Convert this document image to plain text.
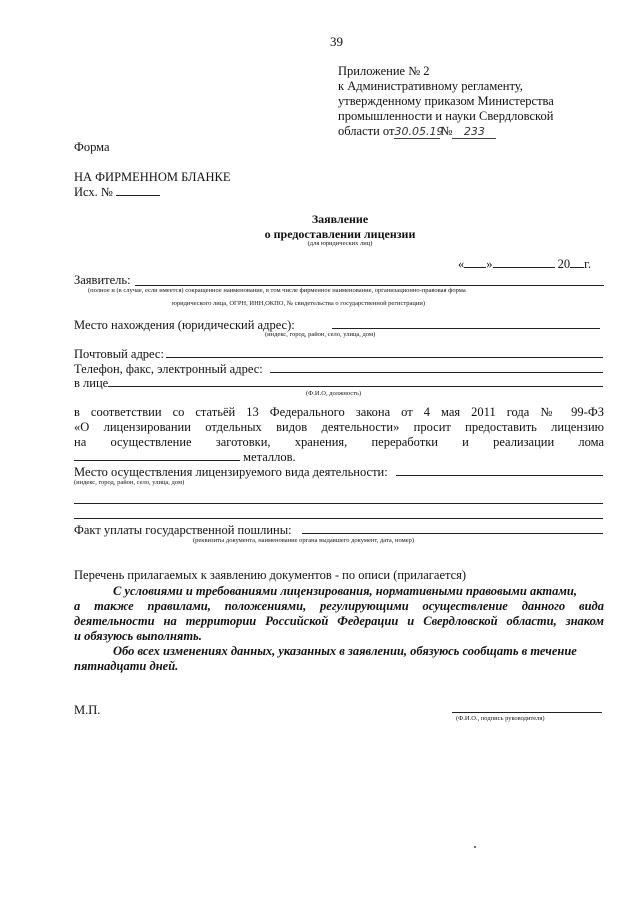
39
Приложение № 2
к Административному регламенту,
утвержденному приказом Министерства
промышленности и науки Свердловской
области от30.05.19№ 233
Форма
НА ФИРМЕННОМ БЛАНКЕ
Исх. №
Заявление
о предоставлении лицензии
(для юридических лиц)
« »	20 г.
Заявитель:
(полное и (в случае, если имеется) сокращенное наименование, в том числе фирменное наименование, организационно-правовая форма
юридического лица, ОГРН, ИНН,ОКПО, № свидетельства о государственной регистрации)
Место нахождения (юридический адрес):
(индекс, город, район, село, улица, дом)
Почтовый адрес:
Телефон, факс, электронный адрес:
в лице
(Ф.И.О, должность)
в соответствии со статьёй 13 Федерального закона от 4 мая 2011 года № 99-ФЗ
«О лицензировании отдельных видов деятельности» просит предоставить лицензию
на осуществление заготовки, хранения, переработки и реализации лома
металлов.
Место осуществления лицензируемого вида деятельности:
(индекс, город, район, село, улица, дом)
Факт уплаты государственной пошлины:
(реквизиты документа, наименование органа выдавшего документ, дата, номер)
Перечень прилагаемых к заявлению документов - по описи (прилагается)
С условиями и требованиями лицензирования, нормативными правовыми актами,
а также правилами, положениями, регулирующими осуществление данного вида
деятельности на территории Российской Федерации и Свердловской области, знаком
и обязуюсь выполнять.
Обо всех изменениях данных, указанных в заявлении, обязуюсь сообщать в течение
пятнадцати дней.
М.П.
(Ф.И.О., подпись руководителя)
